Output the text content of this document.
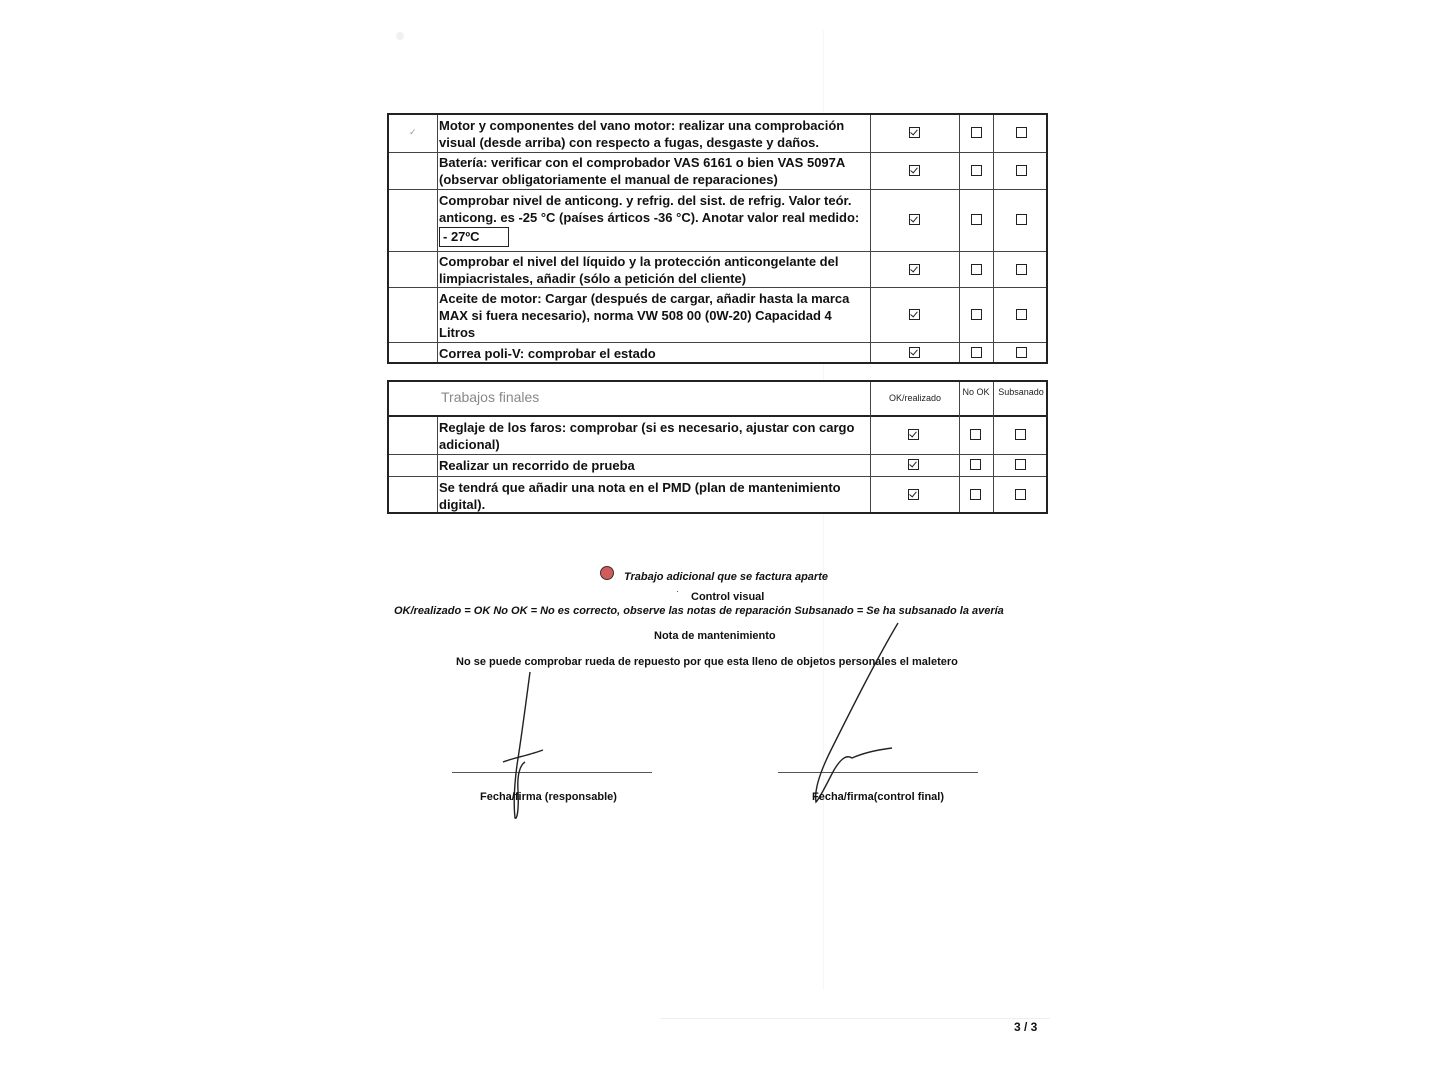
✓ Motor y componentes del vano motor: realizar una comprobación visual (desde arriba) con respecto a fugas, desgaste y daños.
Batería: verificar con el comprobador VAS 6161 o bien VAS 5097A (observar obligatoriamente el manual de reparaciones)
Comprobar nivel de anticong. y refrig. del sist. de refrig. Valor teór. anticong. es -25 °C (países árticos -36 °C). Anotar valor real medido:
- 27ºC
Comprobar el nivel del líquido y la protección anticongelante del limpiacristales, añadir (sólo a petición del cliente)
Aceite de motor: Cargar (después de cargar, añadir hasta la marca MAX si fuera necesario), norma VW 508 00 (0W-20) Capacidad 4 Litros
Correa poli-V: comprobar el estado
Trabajos finales	OK/realizado
No OK Subsanado
Reglaje de los faros: comprobar (si es necesario, ajustar con cargo adicional)
Realizar un recorrido de prueba
Se tendrá que añadir una nota en el PMD (plan de mantenimiento digital).
Trabajo adicional que se factura aparte
· Control visual
OK/realizado = OK No OK = No es correcto, observe las notas de reparación Subsanado = Se ha subsanado la avería
Nota de mantenimiento
No se puede comprobar rueda de repuesto por que esta lleno de objetos personales el maletero
Fecha/firma (responsable)	Fecha/firma(control final)
3 / 3
